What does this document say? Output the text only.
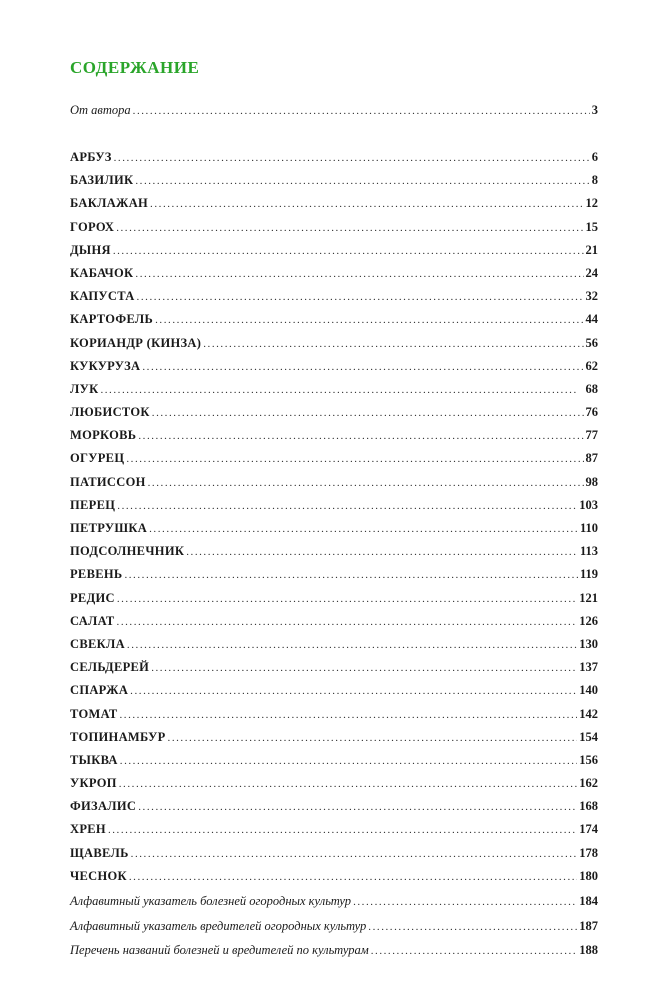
СОДЕРЖАНИЕ
От автора . . .	3
АРБУЗ . . .	6
БАЗИЛИК . . .	8
БАКЛАЖАН . . .	12
ГОРОХ . . .	15
ДЫНЯ . . .	21
КАБАЧОК . . .	24
КАПУСТА . . .	32
КАРТОФЕЛЬ . . .	44
КОРИАНДР (КИНЗА) . . .	56
КУКУРУЗА . . .	62
ЛУК . . .	68
ЛЮБИСТОК . . .	76
МОРКОВЬ . . .	77
ОГУРЕЦ . . .	87
ПАТИССОН . . .	98
ПЕРЕЦ . . .	103
ПЕТРУШКА . . .	110
ПОДСОЛНЕЧНИК . . .	113
РЕВЕНЬ . . .	119
РЕДИС . . .	121
САЛАТ . . .	126
СВЕКЛА . . .	130
СЕЛЬДЕРЕЙ . . .	137
СПАРЖА . . .	140
ТОМАТ . . .	142
ТОПИНАМБУР . . .	154
ТЫКВА . . .	156
УКРОП . . .	162
ФИЗАЛИС . . .	168
ХРЕН . . .	174
ЩАВЕЛЬ . . .	178
ЧЕСНОК . . .	180
Алфавитный указатель болезней огородных культур . . .	184
Алфавитный указатель вредителей огородных культур . . .	187
Перечень названий болезней и вредителей по культурам . . .	188
